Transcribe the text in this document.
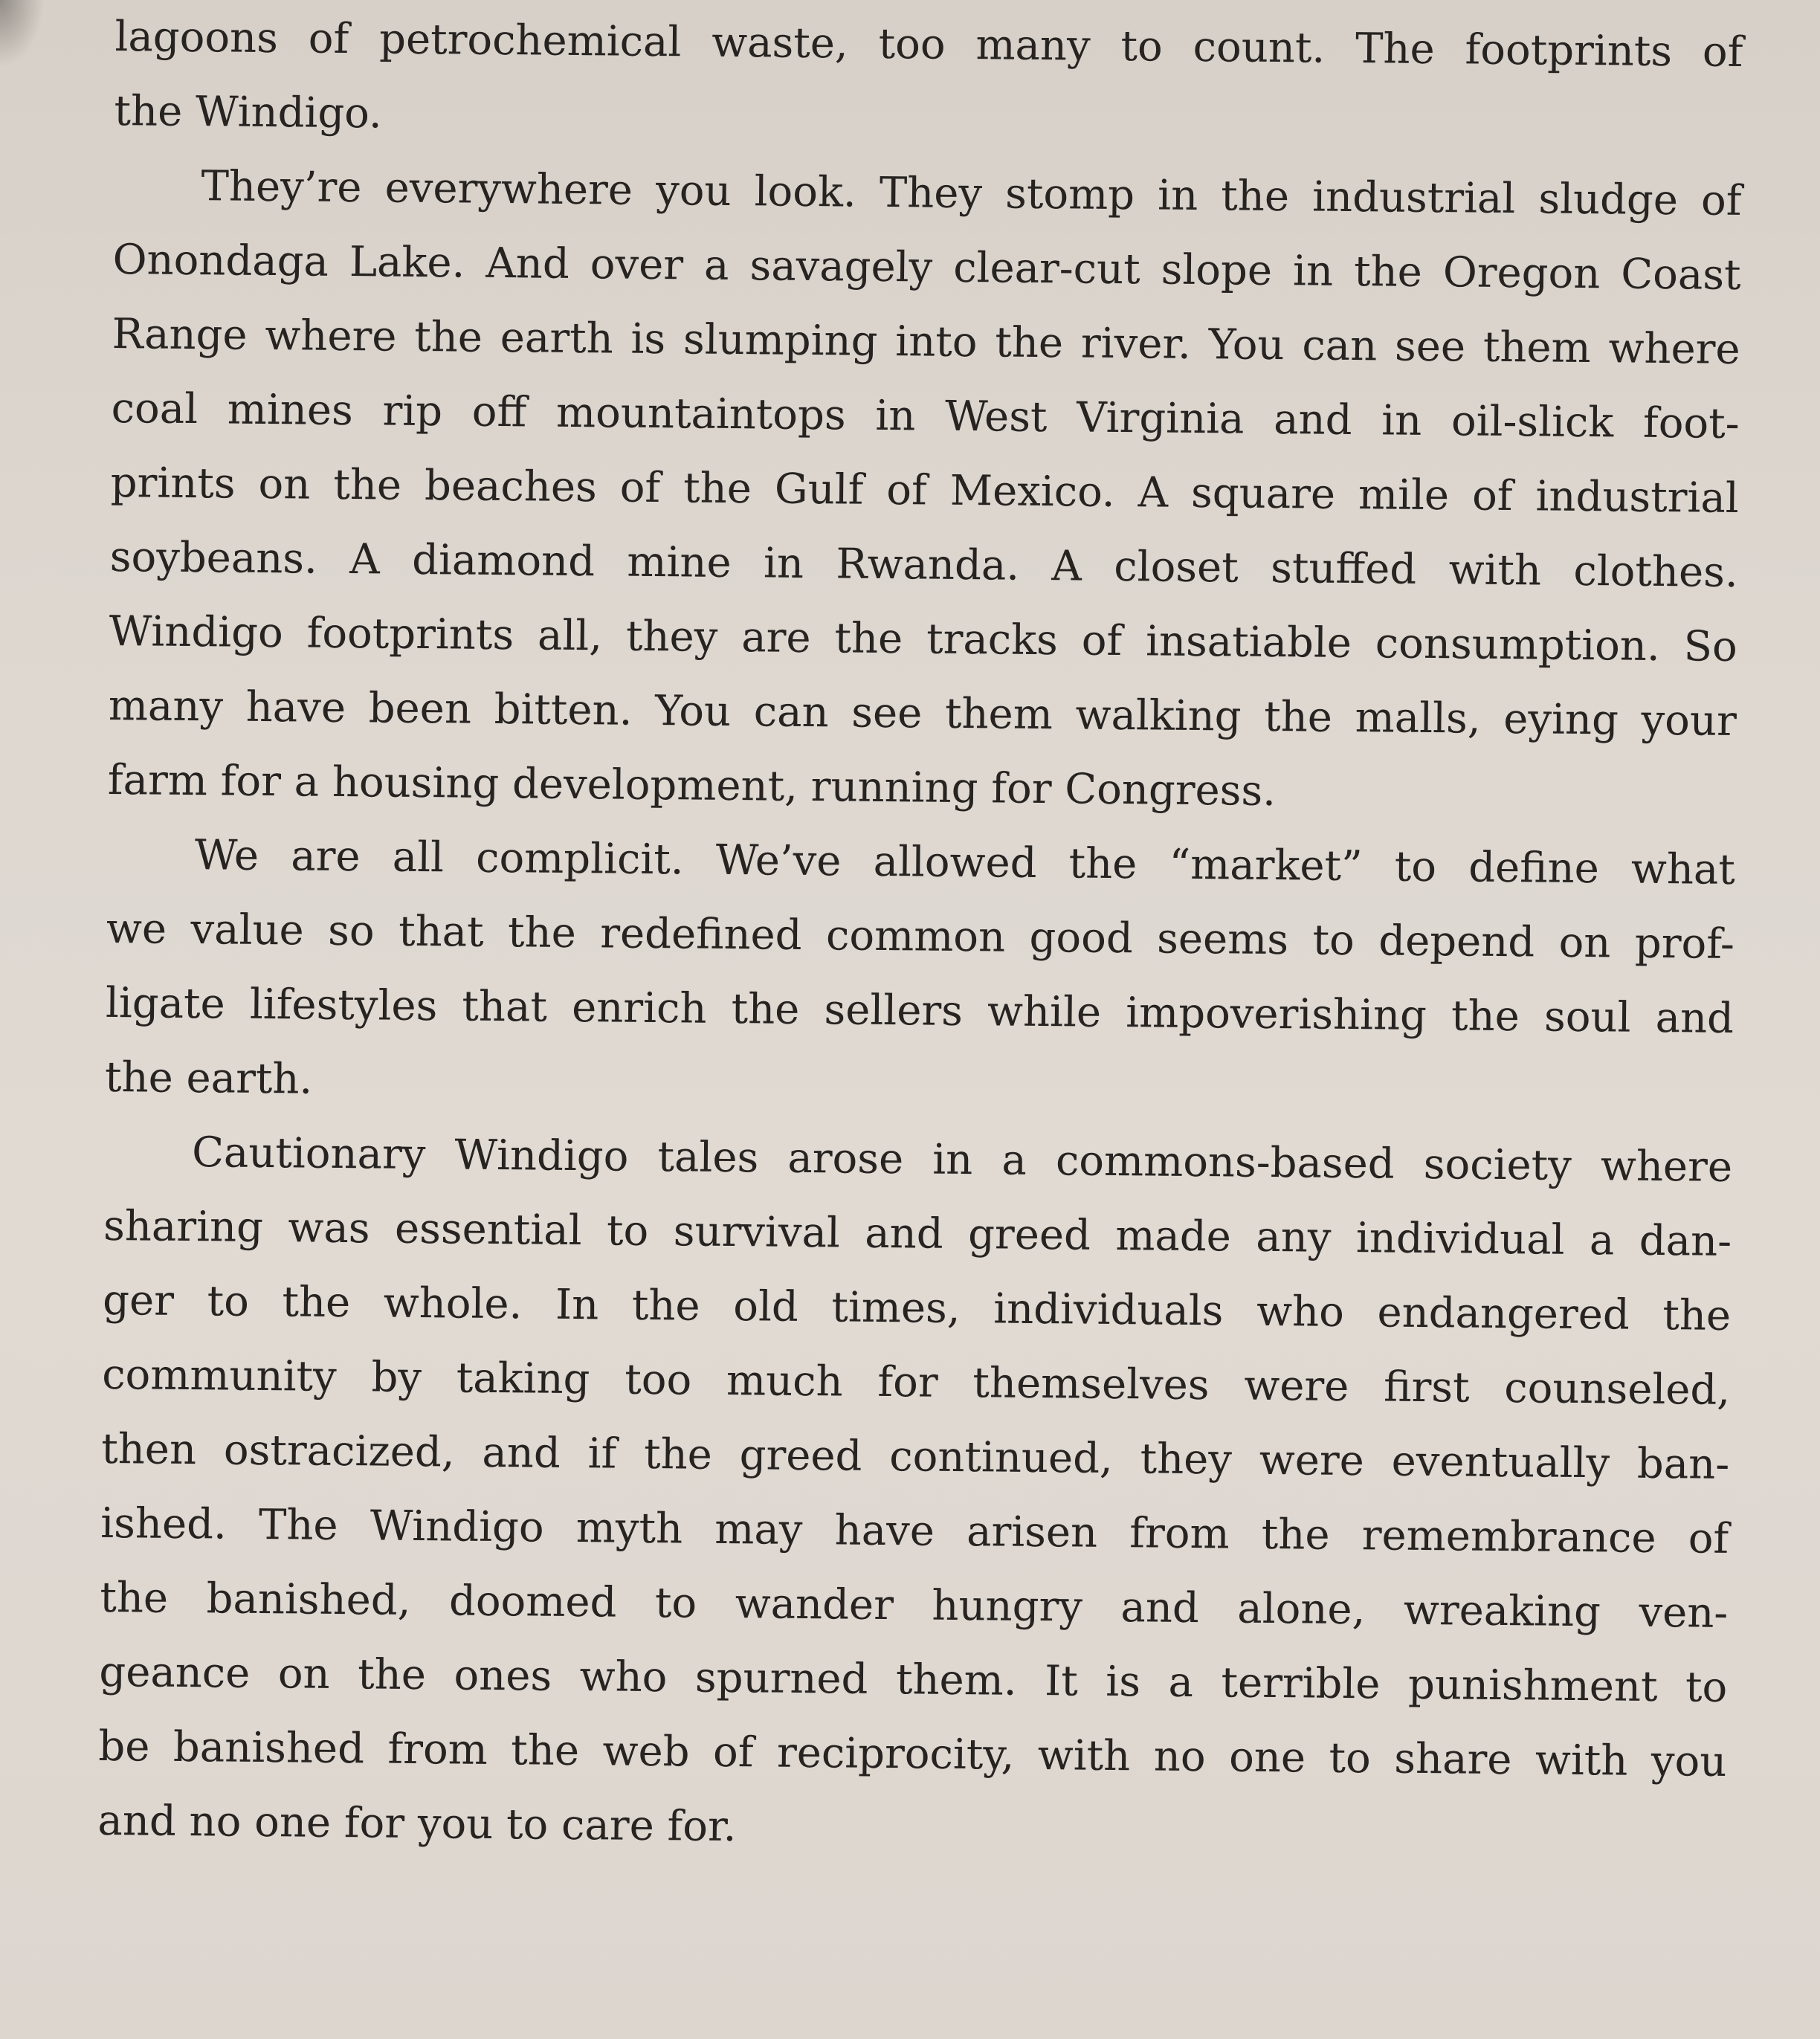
lagoons of petrochemical waste, too many to count. The footprints of
the Windigo.
They’re everywhere you look. They stomp in the industrial sludge of
Onondaga Lake. And over a savagely clear-cut slope in the Oregon Coast
Range where the earth is slumping into the river. You can see them where
coal mines rip off mountaintops in West Virginia and in oil-slick foot-
prints on the beaches of the Gulf of Mexico. A square mile of industrial
soybeans. A diamond mine in Rwanda. A closet stuffed with clothes.
Windigo footprints all, they are the tracks of insatiable consumption. So
many have been bitten. You can see them walking the malls, eying your
farm for a housing development, running for Congress.
We are all complicit. We’ve allowed the “market” to define what
we value so that the redefined common good seems to depend on prof-
ligate lifestyles that enrich the sellers while impoverishing the soul and
the earth.
Cautionary Windigo tales arose in a commons-based society where
sharing was essential to survival and greed made any individual a dan-
ger to the whole. In the old times, individuals who endangered the
community by taking too much for themselves were first counseled,
then ostracized, and if the greed continued, they were eventually ban-
ished. The Windigo myth may have arisen from the remembrance of
the banished, doomed to wander hungry and alone, wreaking ven-
geance on the ones who spurned them. It is a terrible punishment to
be banished from the web of reciprocity, with no one to share with you
and no one for you to care for.
